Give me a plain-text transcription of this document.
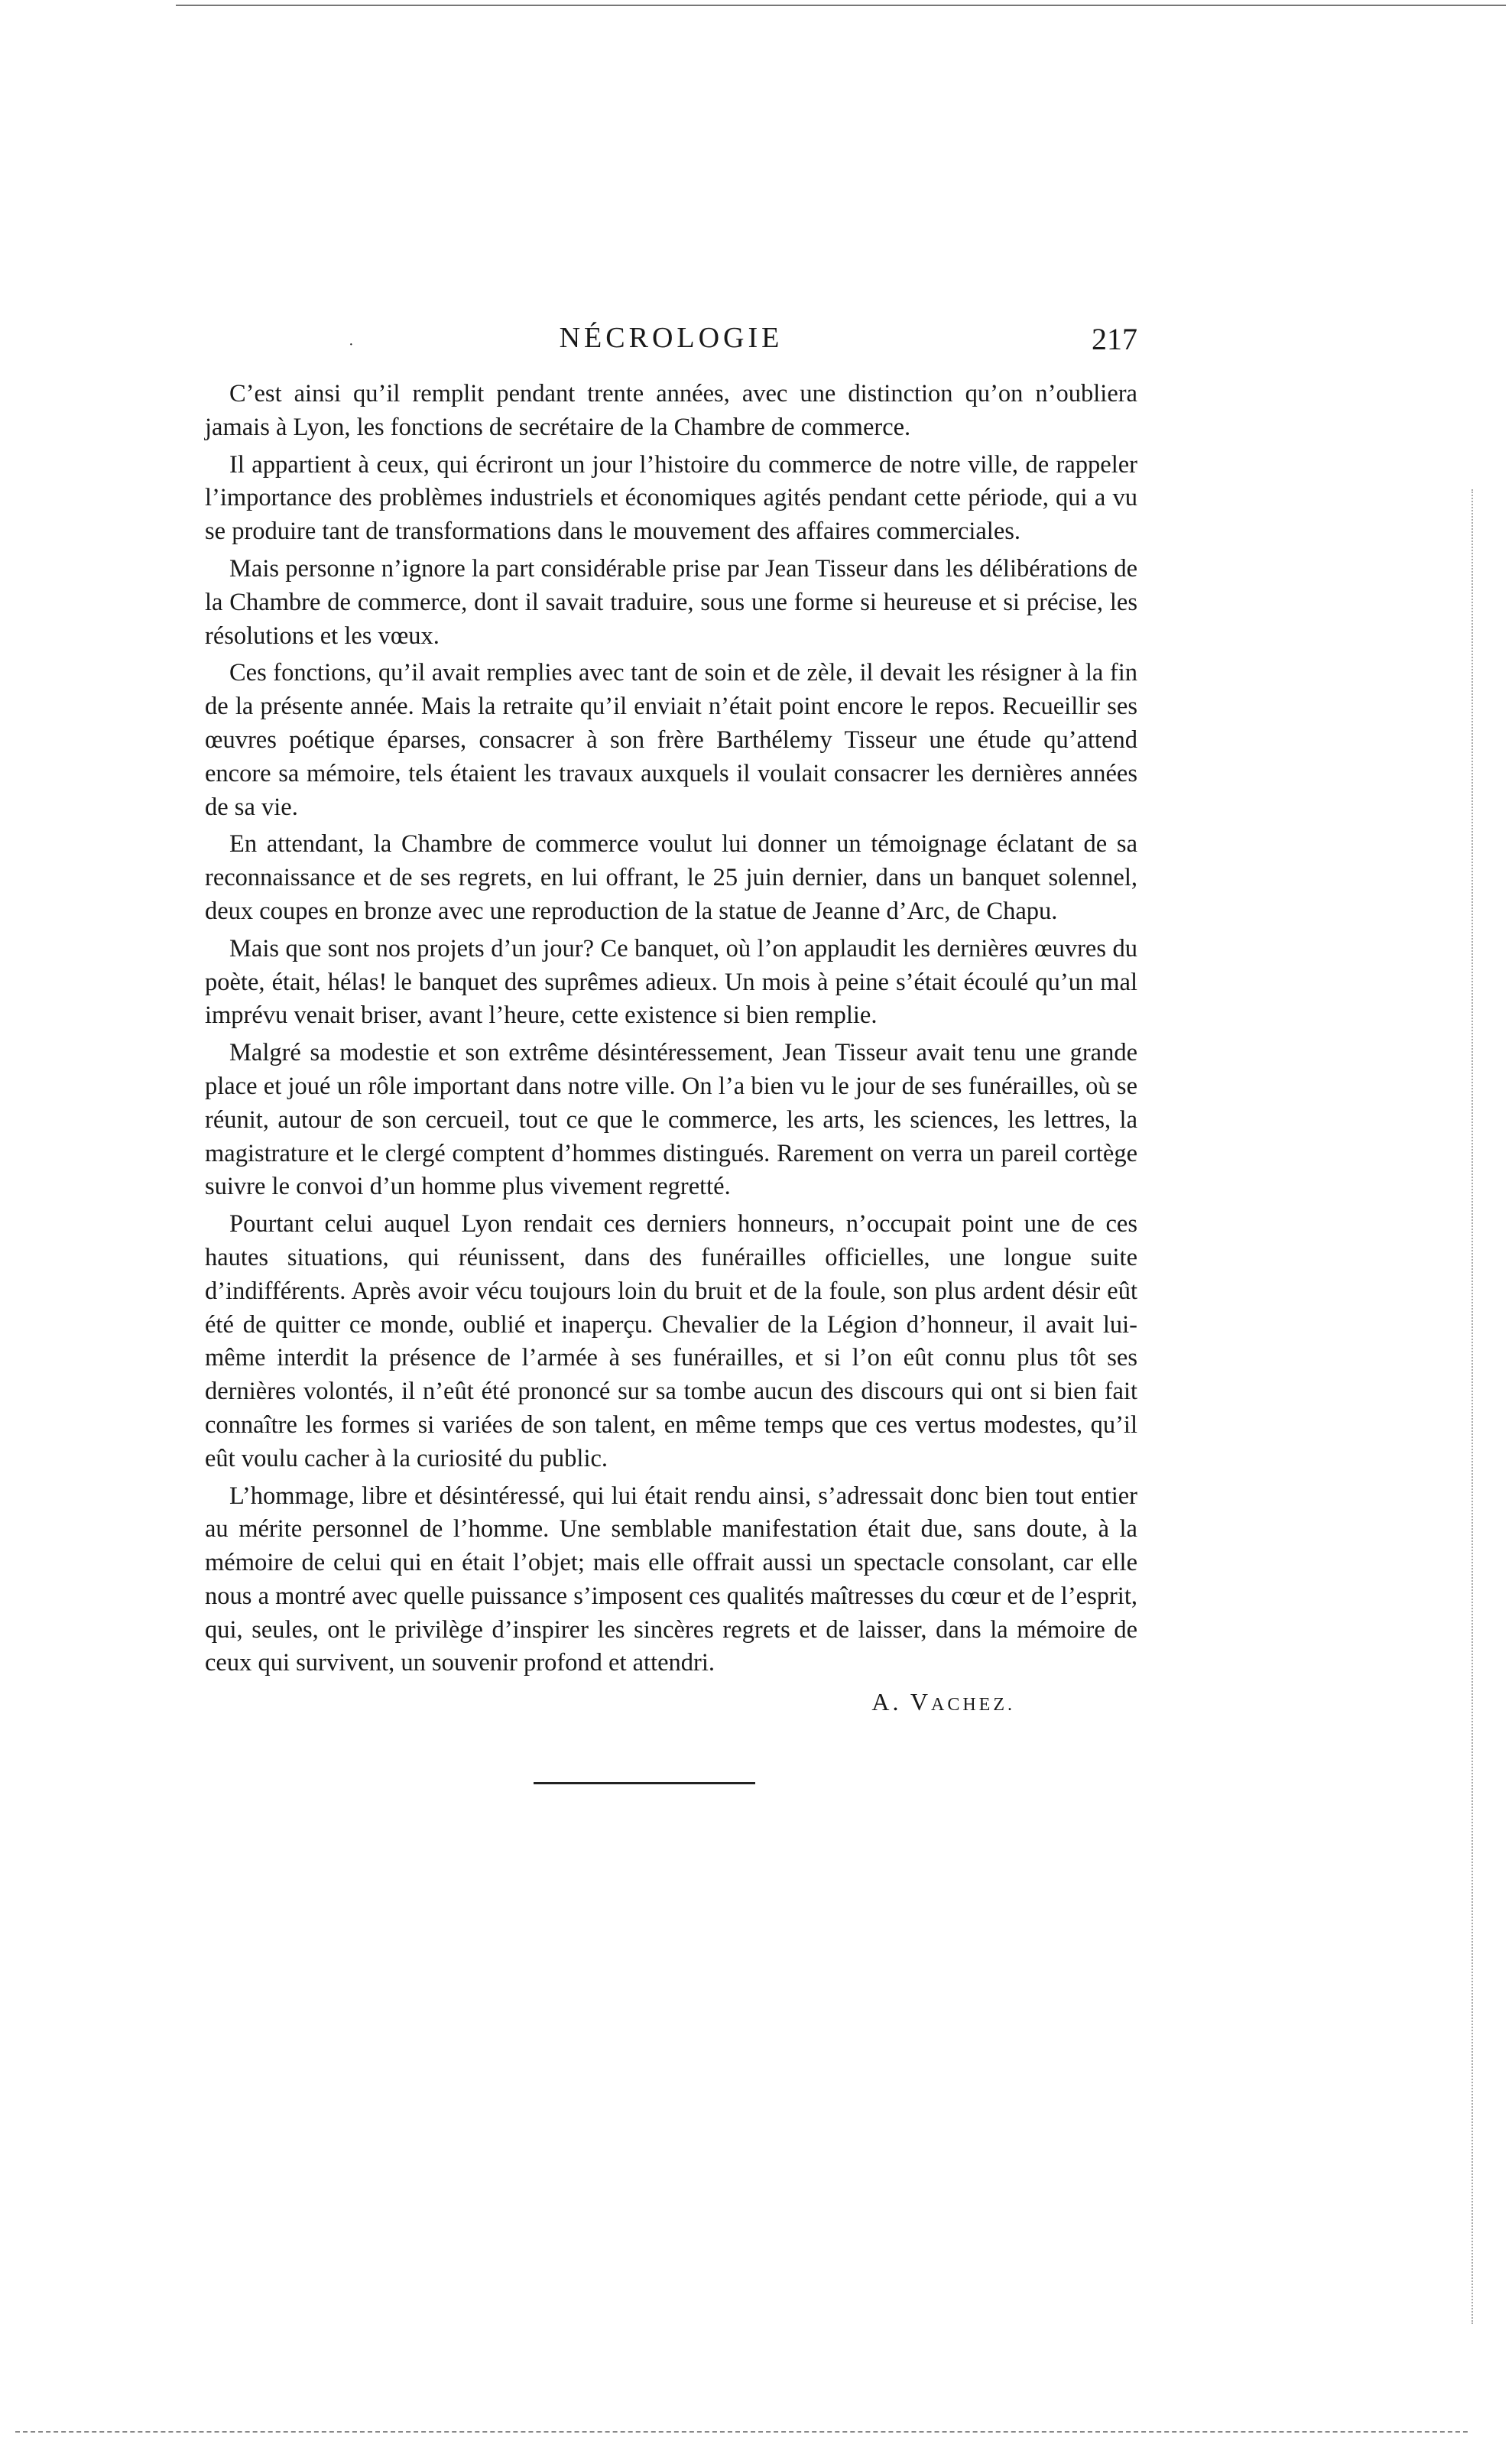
·	NÉCROLOGIE	217

C’est ainsi qu’il remplit pendant trente années, avec une distinction qu’on n’oubliera jamais à Lyon, les fonctions de secrétaire de la Chambre de commerce.

Il appartient à ceux, qui écriront un jour l’histoire du commerce de notre ville, de rappeler l’importance des problèmes industriels et économiques agités pendant cette période, qui a vu se produire tant de transformations dans le mouvement des affaires commerciales.

Mais personne n’ignore la part considérable prise par Jean Tisseur dans les délibérations de la Chambre de commerce, dont il savait traduire, sous une forme si heureuse et si précise, les résolutions et les vœux.

Ces fonctions, qu’il avait remplies avec tant de soin et de zèle, il devait les résigner à la fin de la présente année. Mais la retraite qu’il enviait n’était point encore le repos. Recueillir ses œuvres poétique éparses, consacrer à son frère Barthélemy Tisseur une étude qu’attend encore sa mémoire, tels étaient les travaux auxquels il voulait consacrer les dernières années de sa vie.

En attendant, la Chambre de commerce voulut lui donner un témoignage éclatant de sa reconnaissance et de ses regrets, en lui offrant, le 25 juin dernier, dans un banquet solennel, deux coupes en bronze avec une reproduction de la statue de Jeanne d’Arc, de Chapu.

Mais que sont nos projets d’un jour? Ce banquet, où l’on applaudit les dernières œuvres du poète, était, hélas! le banquet des suprêmes adieux. Un mois à peine s’était écoulé qu’un mal imprévu venait briser, avant l’heure, cette existence si bien remplie.

Malgré sa modestie et son extrême désintéressement, Jean Tisseur avait tenu une grande place et joué un rôle important dans notre ville. On l’a bien vu le jour de ses funérailles, où se réunit, autour de son cercueil, tout ce que le commerce, les arts, les sciences, les lettres, la magistrature et le clergé comptent d’hommes distingués. Rarement on verra un pareil cortège suivre le convoi d’un homme plus vivement regretté.

Pourtant celui auquel Lyon rendait ces derniers honneurs, n’occupait point une de ces hautes situations, qui réunissent, dans des funérailles officielles, une longue suite d’indifférents. Après avoir vécu toujours loin du bruit et de la foule, son plus ardent désir eût été de quitter ce monde, oublié et inaperçu. Chevalier de la Légion d’honneur, il avait lui-même interdit la présence de l’armée à ses funérailles, et si l’on eût connu plus tôt ses dernières volontés, il n’eût été prononcé sur sa tombe aucun des discours qui ont si bien fait connaître les formes si variées de son talent, en même temps que ces vertus modestes, qu’il eût voulu cacher à la curiosité du public.

L’hommage, libre et désintéressé, qui lui était rendu ainsi, s’adressait donc bien tout entier au mérite personnel de l’homme. Une semblable manifestation était due, sans doute, à la mémoire de celui qui en était l’objet; mais elle offrait aussi un spectacle consolant, car elle nous a montré avec quelle puissance s’imposent ces qualités maîtresses du cœur et de l’esprit, qui, seules, ont le privilège d’inspirer les sincères regrets et de laisser, dans la mémoire de ceux qui survivent, un souvenir profond et attendri.

A. VACHEZ.
